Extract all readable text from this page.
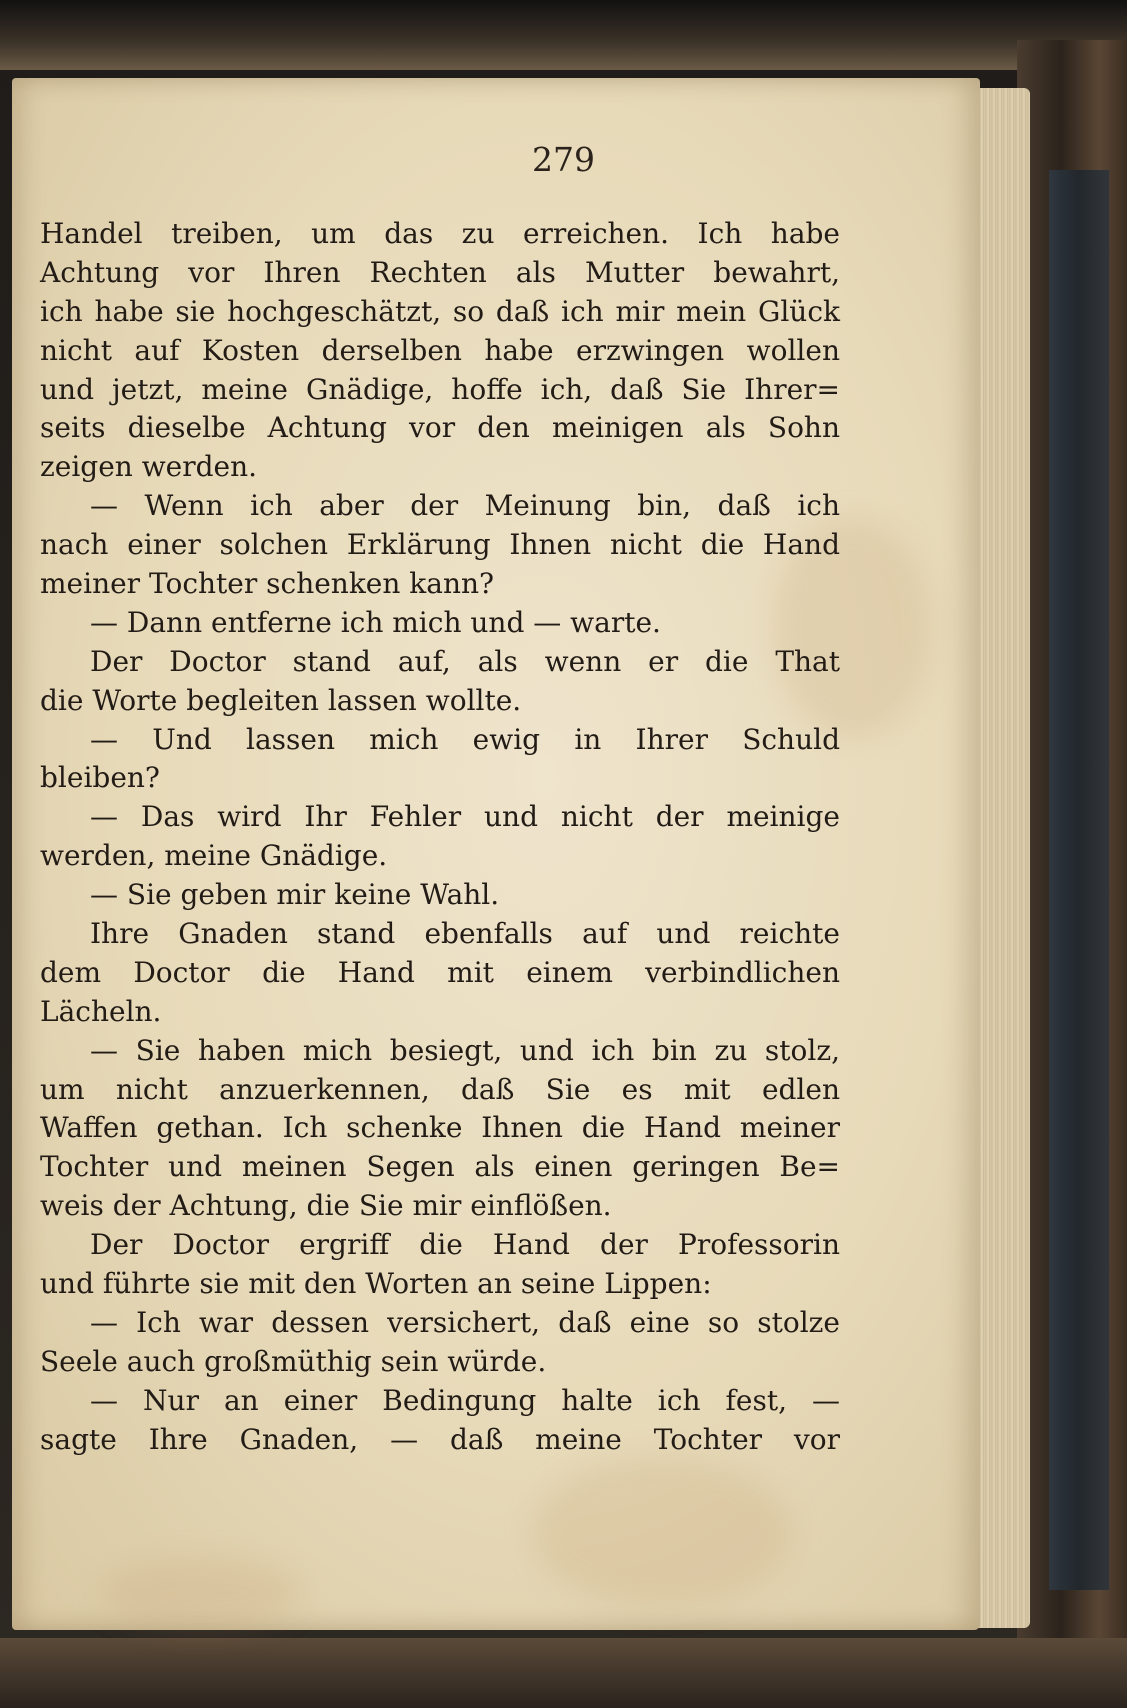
279
Handel treiben, um das zu erreichen. Ich habe
Achtung vor Ihren Rechten als Mutter bewahrt,
ich habe sie hochgeschätzt, so daß ich mir mein Glück
nicht auf Kosten derselben habe erzwingen wollen
und jetzt, meine Gnädige, hoffe ich, daß Sie Ihrer=
seits dieselbe Achtung vor den meinigen als Sohn
zeigen werden.
— Wenn ich aber der Meinung bin, daß ich
nach einer solchen Erklärung Ihnen nicht die Hand
meiner Tochter schenken kann?
— Dann entferne ich mich und — warte.
Der Doctor stand auf, als wenn er die That
die Worte begleiten lassen wollte.
— Und lassen mich ewig in Ihrer Schuld
bleiben?
— Das wird Ihr Fehler und nicht der meinige
werden, meine Gnädige.
— Sie geben mir keine Wahl.
Ihre Gnaden stand ebenfalls auf und reichte
dem Doctor die Hand mit einem verbindlichen
Lächeln.
— Sie haben mich besiegt, und ich bin zu stolz,
um nicht anzuerkennen, daß Sie es mit edlen
Waffen gethan. Ich schenke Ihnen die Hand meiner
Tochter und meinen Segen als einen geringen Be=
weis der Achtung, die Sie mir einflößen.
Der Doctor ergriff die Hand der Professorin
und führte sie mit den Worten an seine Lippen:
— Ich war dessen versichert, daß eine so stolze
Seele auch großmüthig sein würde.
— Nur an einer Bedingung halte ich fest, —
sagte Ihre Gnaden, — daß meine Tochter vor
